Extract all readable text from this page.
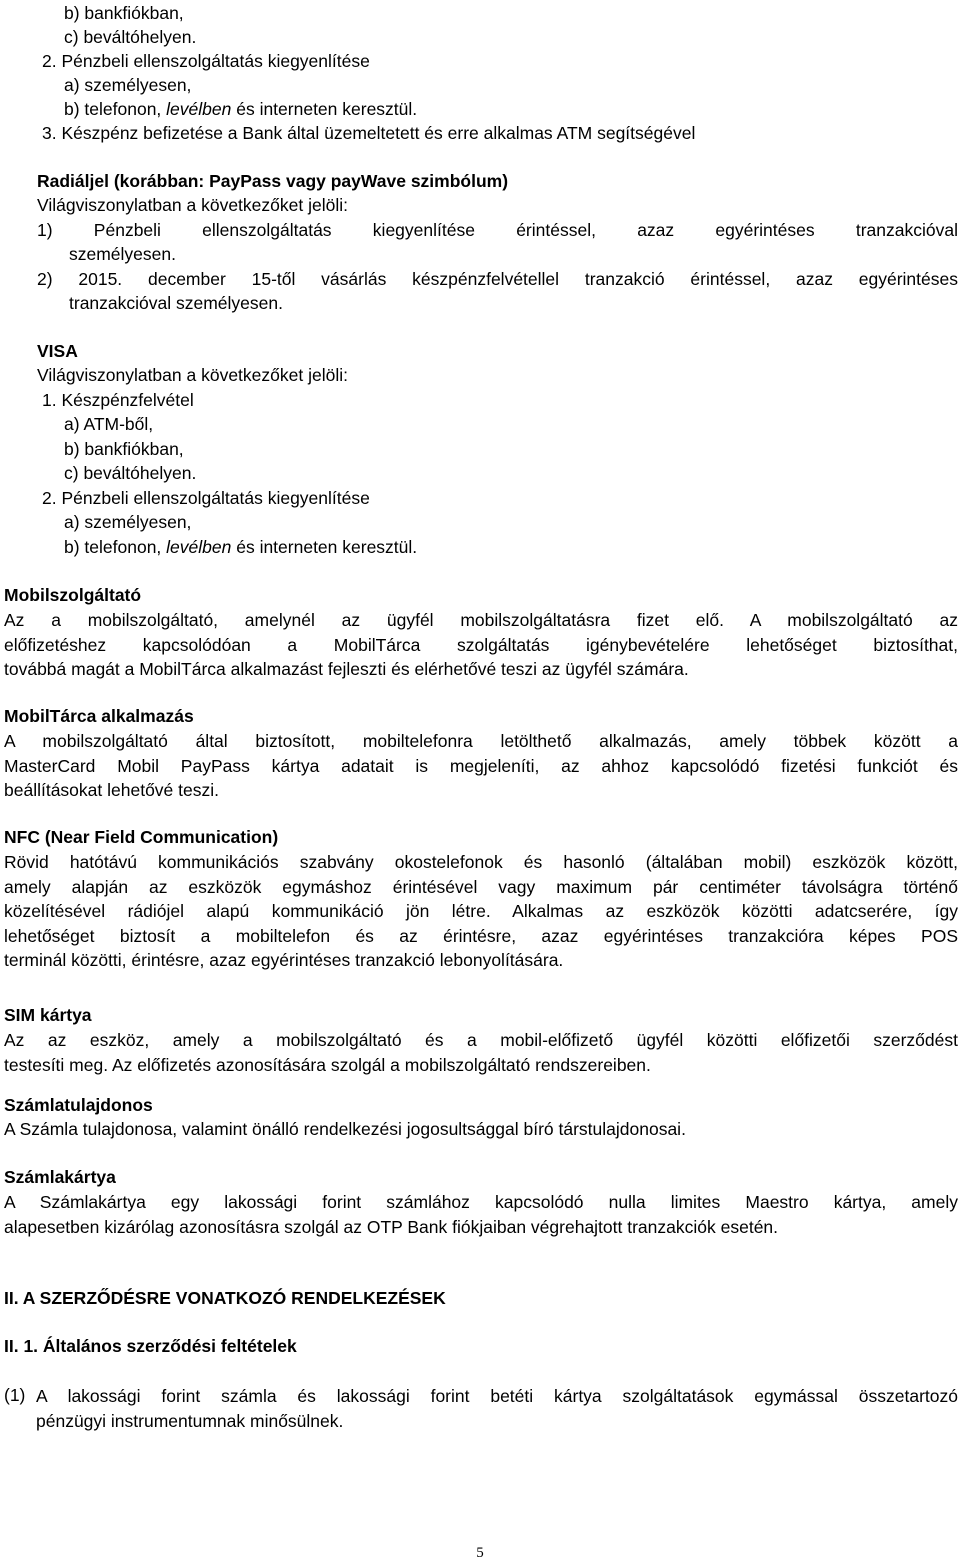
b) bankfiókban,
c) beváltóhelyen.
2. Pénzbeli ellenszolgáltatás kiegyenlítése
a) személyesen,
b) telefonon, levélben és interneten keresztül.
3. Készpénz befizetése a Bank által üzemeltetett és erre alkalmas ATM segítségével
Radiáljel (korábban: PayPass vagy payWave szimbólum)
Világviszonylatban a következőket jelöli:
1) Pénzbeli ellenszolgáltatás kiegyenlítése érintéssel, azaz egyérintéses tranzakcióval
személyesen.
2) 2015. december 15-től vásárlás készpénzfelvétellel tranzakció érintéssel, azaz egyérintéses
tranzakcióval személyesen.
VISA
Világviszonylatban a következőket jelöli:
1. Készpénzfelvétel
a) ATM-ből,
b) bankfiókban,
c) beváltóhelyen.
2. Pénzbeli ellenszolgáltatás kiegyenlítése
a) személyesen,
b) telefonon, levélben és interneten keresztül.
Mobilszolgáltató
Az a mobilszolgáltató, amelynél az ügyfél mobilszolgáltatásra fizet elő. A mobilszolgáltató az
előfizetéshez kapcsolódóan a MobilTárca szolgáltatás igénybevételére lehetőséget biztosíthat,
továbbá magát a MobilTárca alkalmazást fejleszti és elérhetővé teszi az ügyfél számára.
MobilTárca alkalmazás
A mobilszolgáltató által biztosított, mobiltelefonra letölthető alkalmazás, amely többek között a
MasterCard Mobil PayPass kártya adatait is megjeleníti, az ahhoz kapcsolódó fizetési funkciót és
beállításokat lehetővé teszi.
NFC (Near Field Communication)
Rövid hatótávú kommunikációs szabvány okostelefonok és hasonló (általában mobil) eszközök között,
amely alapján az eszközök egymáshoz érintésével vagy maximum pár centiméter távolságra történő
közelítésével rádiójel alapú kommunikáció jön létre. Alkalmas az eszközök közötti adatcserére, így
lehetőséget biztosít a mobiltelefon és az érintésre, azaz egyérintéses tranzakcióra képes POS
terminál közötti, érintésre, azaz egyérintéses tranzakció lebonyolítására.
SIM kártya
Az az eszköz, amely a mobilszolgáltató és a mobil-előfizető ügyfél közötti előfizetői szerződést
testesíti meg. Az előfizetés azonosítására szolgál a mobilszolgáltató rendszereiben.
Számlatulajdonos
A Számla tulajdonosa, valamint önálló rendelkezési jogosultsággal bíró társtulajdonosai.
Számlakártya
A Számlakártya egy lakossági forint számlához kapcsolódó nulla limites Maestro kártya, amely
alapesetben kizárólag azonosításra szolgál az OTP Bank fiókjaiban végrehajtott tranzakciók esetén.
II. A SZERZŐDÉSRE VONATKOZÓ RENDELKEZÉSEK
II. 1. Általános szerződési feltételek
(1) A lakossági forint számla és lakossági forint betéti kártya szolgáltatások egymással összetartozó
pénzügyi instrumentumnak minősülnek.
5
